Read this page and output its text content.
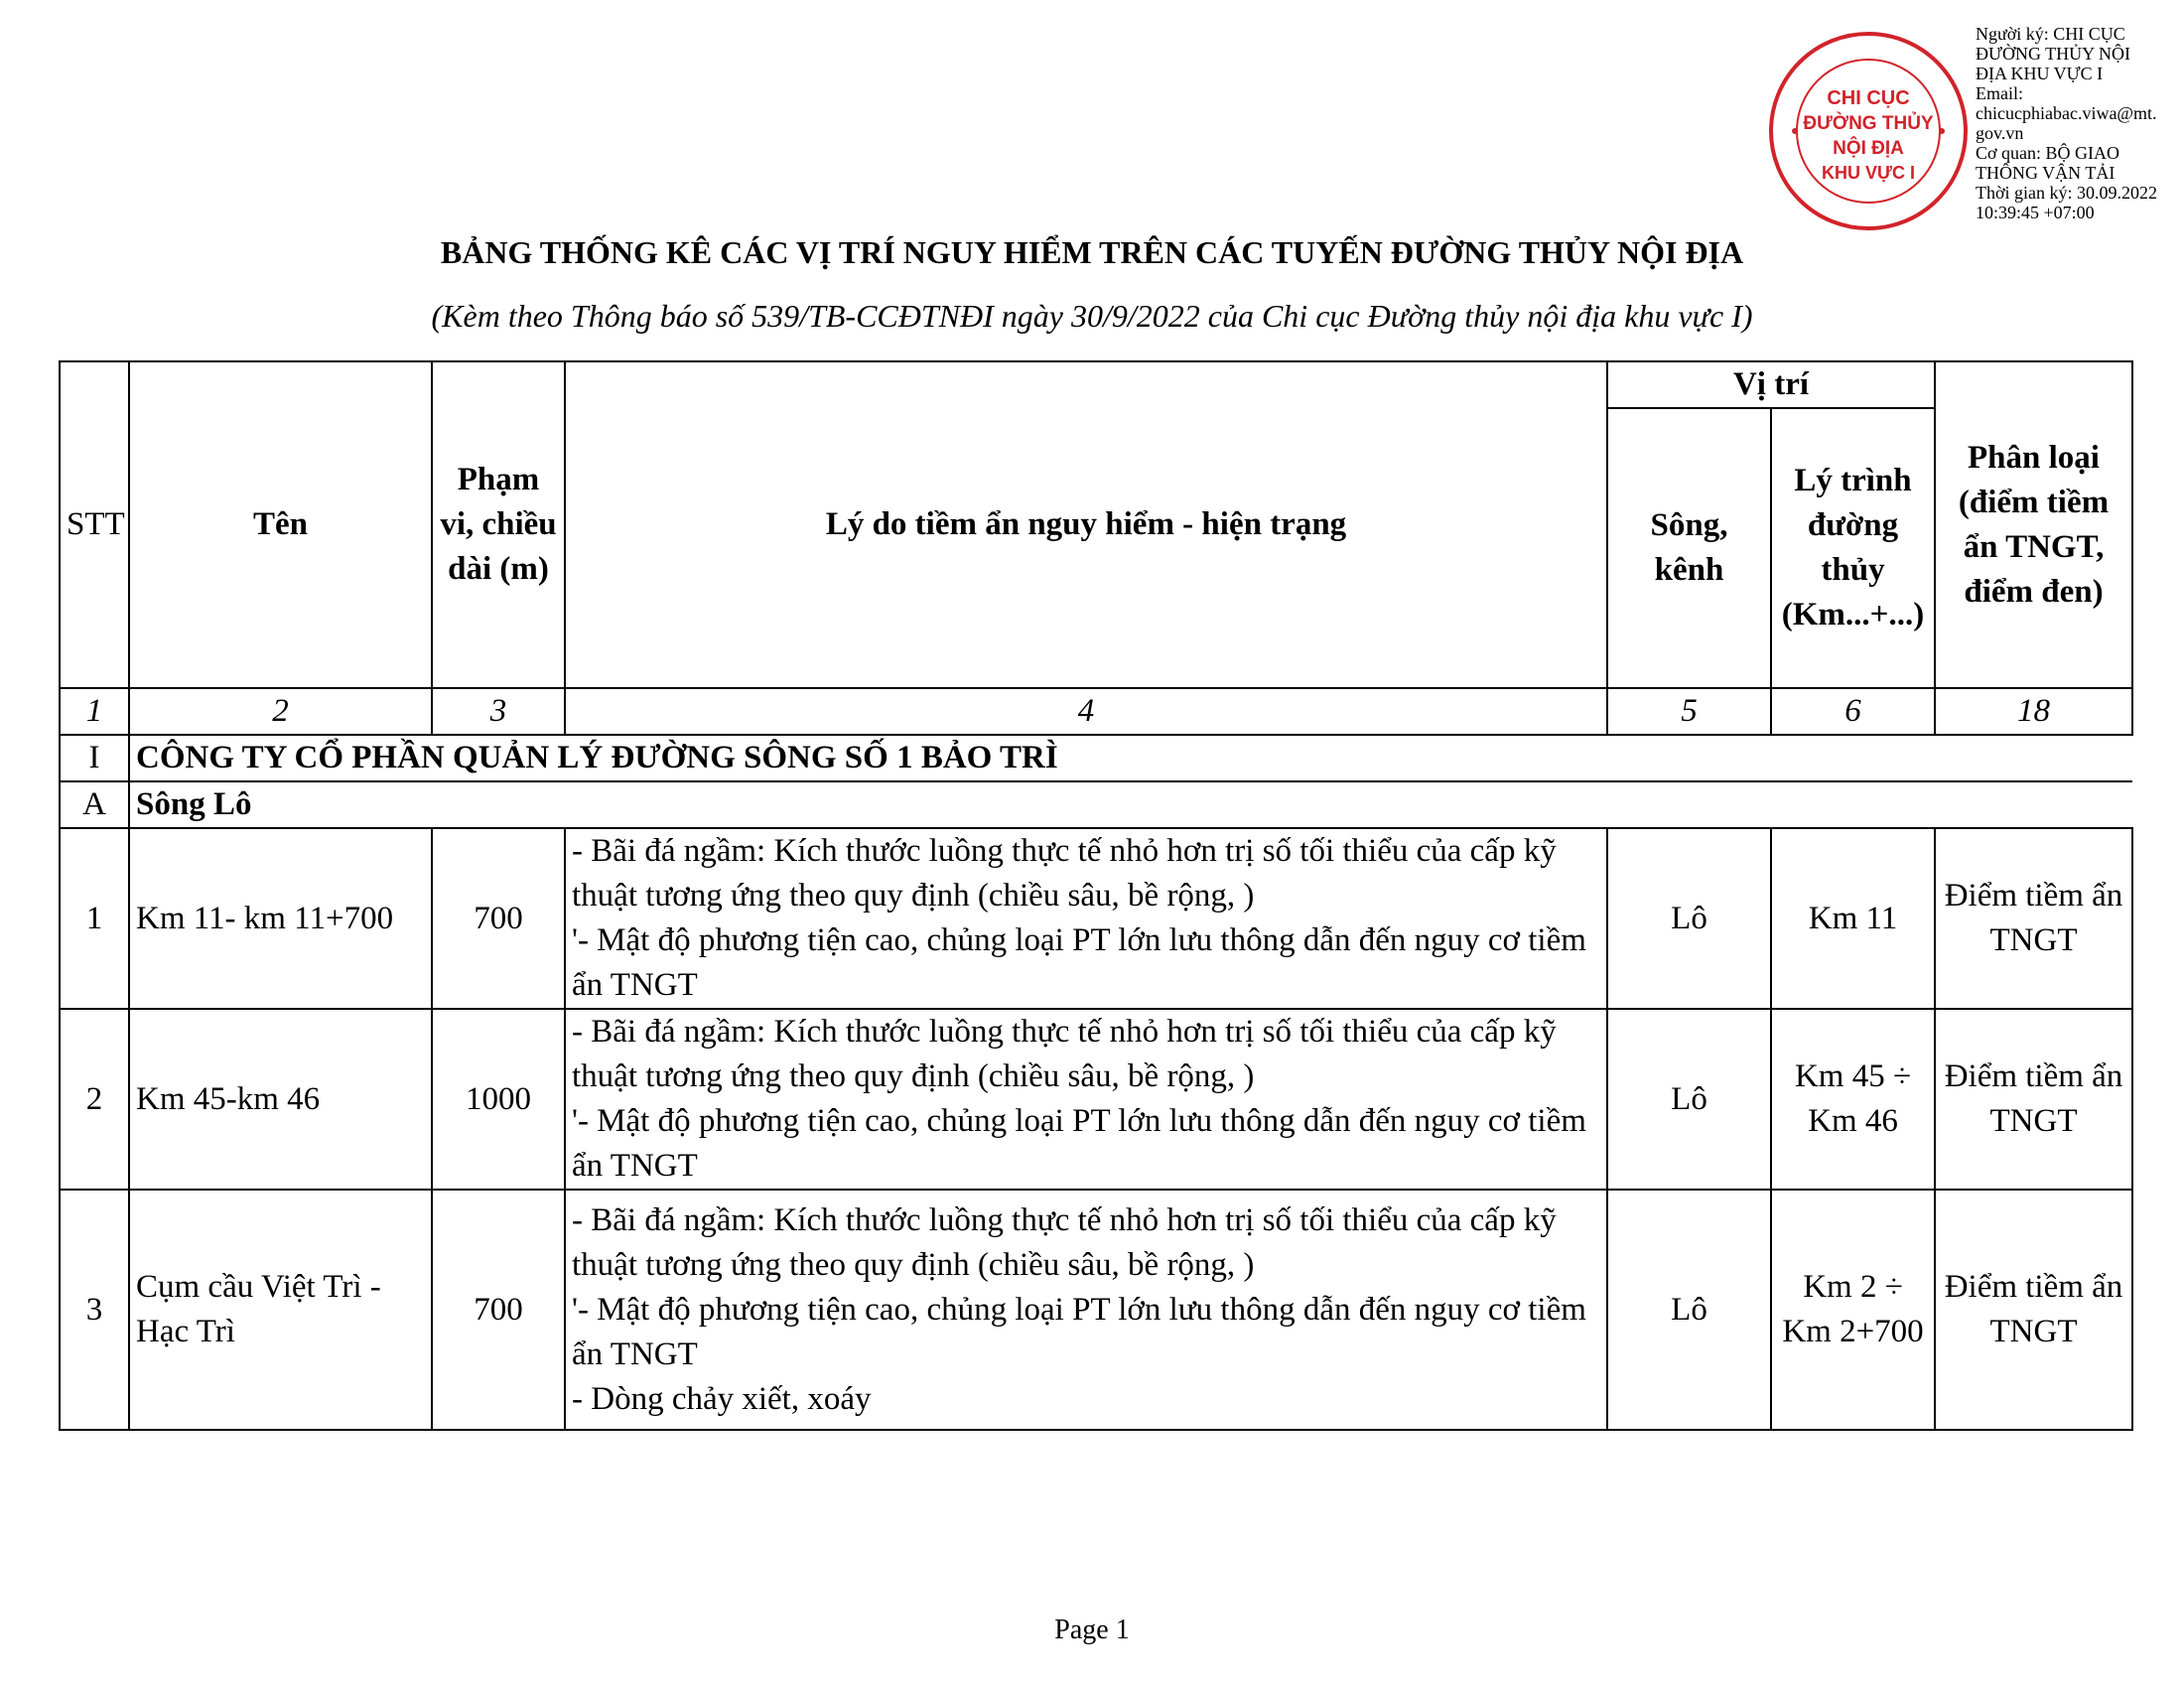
CHI CỤC
ĐƯỜNG THỦY
NỘI ĐỊA
KHU VỰC I
Người ký: CHI CỤC
ĐƯỜNG THỦY NỘI
ĐỊA KHU VỰC I
Email:
chicucphiabac.viwa@mt.
gov.vn
Cơ quan: BỘ GIAO
THÔNG VẬN TẢI
Thời gian ký: 30.09.2022
10:39:45 +07:00
BẢNG THỐNG KÊ CÁC VỊ TRÍ NGUY HIỂM TRÊN CÁC TUYẾN ĐƯỜNG THỦY NỘI ĐỊA
(Kèm theo Thông báo số 539/TB-CCĐTNĐI ngày 30/9/2022 của Chi cục Đường thủy nội địa khu vực I)
STT	Tên	Phạm vi, chiều dài (m)	Lý do tiềm ẩn nguy hiểm - hiện trạng	Vị trí		Phân loại (điểm tiềm ẩn TNGT, điểm đen)
				Sông, kênh	Lý trình đường thủy (Km...+...)	
1	2	3	4	5	6	18
I	CÔNG TY CỔ PHẦN QUẢN LÝ ĐƯỜNG SÔNG SỐ 1 BẢO TRÌ					
A	Sông Lô					
1	Km 11- km 11+700	700	- Bãi đá ngầm: Kích thước luồng thực tế nhỏ hơn trị số tối thiểu của cấp kỹ thuật tương ứng theo quy định (chiều sâu, bề rộng, )
'- Mật độ phương tiện cao, chủng loại PT lớn lưu thông dẫn đến nguy cơ tiềm ẩn TNGT	Lô	Km 11	Điểm tiềm ẩn TNGT
2	Km 45-km 46	1000	- Bãi đá ngầm: Kích thước luồng thực tế nhỏ hơn trị số tối thiểu của cấp kỹ thuật tương ứng theo quy định (chiều sâu, bề rộng, )
'- Mật độ phương tiện cao, chủng loại PT lớn lưu thông dẫn đến nguy cơ tiềm ẩn TNGT	Lô	Km 45 ÷ Km 46	Điểm tiềm ẩn TNGT
3	Cụm cầu Việt Trì - Hạc Trì	700	- Bãi đá ngầm: Kích thước luồng thực tế nhỏ hơn trị số tối thiểu của cấp kỹ thuật tương ứng theo quy định (chiều sâu, bề rộng, )
'- Mật độ phương tiện cao, chủng loại PT lớn lưu thông dẫn đến nguy cơ tiềm ẩn TNGT
- Dòng chảy xiết, xoáy	Lô	Km 2 ÷ Km 2+700	Điểm tiềm ẩn TNGT
Page 1
